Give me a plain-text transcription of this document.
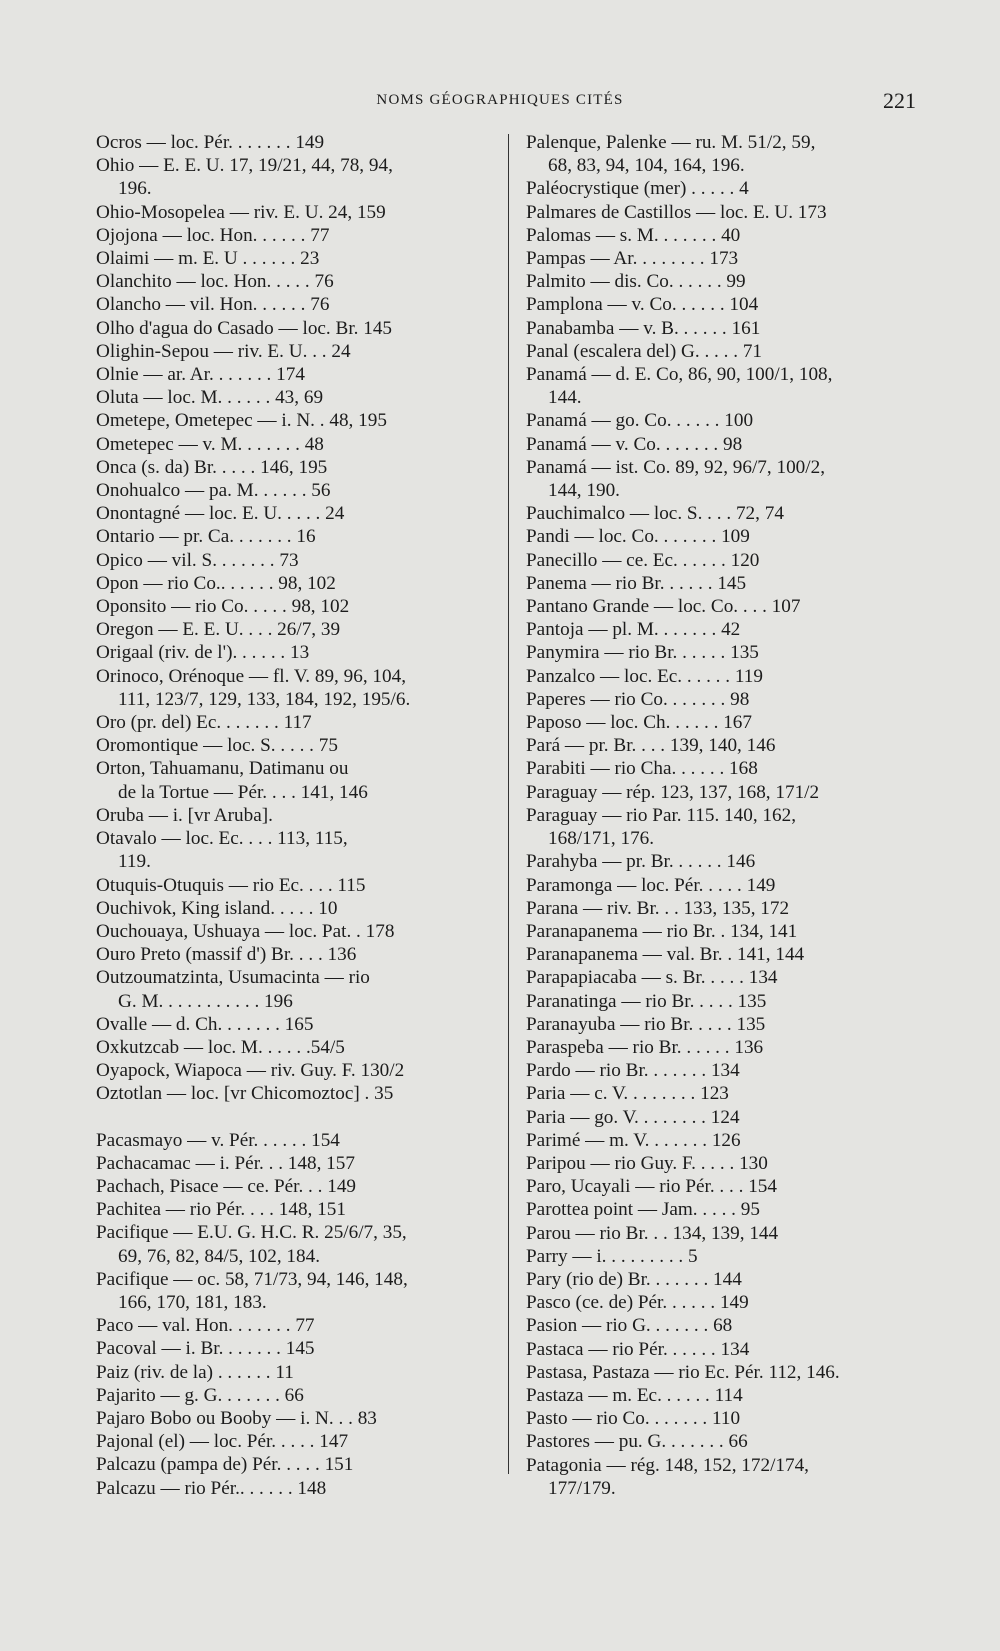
NOMS GÉOGRAPHIQUES CITÉS	221
Ocros — loc. Pér. . . . . . . 149
Ohio — E. E. U. 17, 19/21, 44, 78, 94,
196.
Ohio-Mosopelea — riv. E. U. 24, 159
Ojojona — loc. Hon. . . . . . 77
Olaimi — m. E. U . . . . . . 23
Olanchito — loc. Hon. . . . . 76
Olancho — vil. Hon. . . . . . 76
Olho d'agua do Casado — loc. Br. 145
Olighin-Sepou — riv. E. U. . . 24
Olnie — ar. Ar. . . . . . . 174
Oluta — loc. M. . . . . . 43, 69
Ometepe, Ometepec — i. N. . 48, 195
Ometepec — v. M. . . . . . . 48
Onca (s. da) Br. . . . . 146, 195
Onohualco — pa. M. . . . . . 56
Onontagné — loc. E. U. . . . . 24
Ontario — pr. Ca. . . . . . . 16
Opico — vil. S. . . . . . . 73
Opon — rio Co.. . . . . . 98, 102
Oponsito — rio Co. . . . . 98, 102
Oregon — E. E. U. . . . 26/7, 39
Origaal (riv. de l'). . . . . . 13
Orinoco, Orénoque — fl. V. 89, 96, 104,
111, 123/7, 129, 133, 184, 192, 195/6.
Oro (pr. del) Ec. . . . . . . 117
Oromontique — loc. S. . . . . 75
Orton, Tahuamanu, Datimanu ou
de la Tortue — Pér. . . . 141, 146
Oruba — i. [vr Aruba].
Otavalo — loc. Ec. . . . 113, 115,
119.
Otuquis-Otuquis — rio Ec. . . . 115
Ouchivok, King island. . . . . 10
Ouchouaya, Ushuaya — loc. Pat. . 178
Ouro Preto (massif d') Br. . . . 136
Outzoumatzinta, Usumacinta — rio
G. M. . . . . . . . . . . 196
Ovalle — d. Ch. . . . . . . 165
Oxkutzcab — loc. M. . . . . .54/5
Oyapock, Wiapoca — riv. Guy. F. 130/2
Oztotlan — loc. [vr Chicomoztoc] . 35
Pacasmayo — v. Pér. . . . . . 154
Pachacamac — i. Pér. . . 148, 157
Pachach, Pisace — ce. Pér. . . 149
Pachitea — rio Pér. . . . 148, 151
Pacifique — E.U. G. H.C. R. 25/6/7, 35,
69, 76, 82, 84/5, 102, 184.
Pacifique — oc. 58, 71/73, 94, 146, 148,
166, 170, 181, 183.
Paco — val. Hon. . . . . . . 77
Pacoval — i. Br. . . . . . . 145
Paiz (riv. de la) . . . . . . 11
Pajarito — g. G. . . . . . . 66
Pajaro Bobo ou Booby — i. N. . . 83
Pajonal (el) — loc. Pér. . . . . 147
Palcazu (pampa de) Pér. . . . . 151
Palcazu — rio Pér.. . . . . . 148
Palenque, Palenke — ru. M. 51/2, 59,
68, 83, 94, 104, 164, 196.
Paléocrystique (mer) . . . . . 4
Palmares de Castillos — loc. E. U. 173
Palomas — s. M. . . . . . . 40
Pampas — Ar. . . . . . . . 173
Palmito — dis. Co. . . . . . 99
Pamplona — v. Co. . . . . . 104
Panabamba — v. B. . . . . . 161
Panal (escalera del) G. . . . . 71
Panamá — d. E. Co, 86, 90, 100/1, 108,
144.
Panamá — go. Co. . . . . . 100
Panamá — v. Co. . . . . . . 98
Panamá — ist. Co. 89, 92, 96/7, 100/2,
144, 190.
Pauchimalco — loc. S. . . . 72, 74
Pandi — loc. Co. . . . . . . 109
Panecillo — ce. Ec. . . . . . 120
Panema — rio Br. . . . . . 145
Pantano Grande — loc. Co. . . . 107
Pantoja — pl. M. . . . . . . 42
Panymira — rio Br. . . . . . 135
Panzalco — loc. Ec. . . . . . 119
Paperes — rio Co. . . . . . . 98
Paposo — loc. Ch. . . . . . 167
Pará — pr. Br. . . . 139, 140, 146
Parabiti — rio Cha. . . . . . 168
Paraguay — rép. 123, 137, 168, 171/2
Paraguay — rio Par. 115. 140, 162,
168/171, 176.
Parahyba — pr. Br. . . . . . 146
Paramonga — loc. Pér. . . . . 149
Parana — riv. Br. . . 133, 135, 172
Paranapanema — rio Br. . 134, 141
Paranapanema — val. Br. . 141, 144
Parapapiacaba — s. Br. . . . . 134
Paranatinga — rio Br. . . . . 135
Paranayuba — rio Br. . . . . 135
Paraspeba — rio Br. . . . . . 136
Pardo — rio Br. . . . . . . 134
Paria — c. V. . . . . . . . 123
Paria — go. V. . . . . . . . 124
Parimé — m. V. . . . . . . 126
Paripou — rio Guy. F. . . . . 130
Paro, Ucayali — rio Pér. . . . 154
Parottea point — Jam. . . . . 95
Parou — rio Br. . . 134, 139, 144
Parry — i. . . . . . . . . 5
Pary (rio de) Br. . . . . . . 144
Pasco (ce. de) Pér. . . . . . 149
Pasion — rio G. . . . . . . 68
Pastaca — rio Pér. . . . . . 134
Pastasa, Pastaza — rio Ec. Pér. 112, 146.
Pastaza — m. Ec. . . . . . 114
Pasto — rio Co. . . . . . . 110
Pastores — pu. G. . . . . . . 66
Patagonia — rég. 148, 152, 172/174,
177/179.
